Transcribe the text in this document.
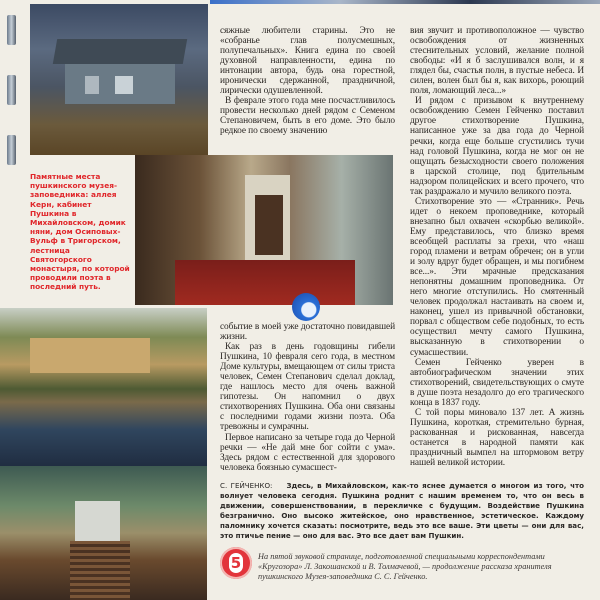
Памятные места пушкинского музея-заповедника: аллея Керн, кабинет Пушкина в Михайловском, домик няни, дом Осиповых-Вульф в Тригорском, лестница Святогорского монастыря, по которой проводили поэта в последний путь.

сяжные любители старины. Это не «собранье глав полусмешных, полупечальных». Книга едина по своей духовной направленности, едина по интонации автора, будь она горестной, иронически сдержанной, праздничной, лирически одушевленной.

В феврале этого года мне посчастливилось провести несколько дней рядом с Семеном Степановичем, быть в его доме. Это было редкое по своему значению

событие в моей уже достаточно повидавшей жизни.

Как раз в день годовщины гибели Пушкина, 10 февраля сего года, в местном Доме культуры, вмещающем от силы триста человек, Семен Степанович сделал доклад, где нашлось место для очень важной гипотезы. Он напомнил о двух стихотворениях Пушкина. Оба они связаны с последними годами жизни поэта. Оба тревожны и сумрачны.

Первое написано за четыре года до Черной речки — «Не дай мне бог сойти с ума». Здесь рядом с естественной для здорового человека боязнью сумасшест-

вия звучит и противоположное — чувство освобождения от жизненных стеснительных условий, желание полной свободы: «И я б заслушивался волн, и я глядел бы, счастья полн, в пустые небеса. И силен, волен был бы я, как вихорь, роющий поля, ломающий леса...»

И рядом с призывом к внутреннему освобождению Семен Гейченко поставил другое стихотворение Пушкина, написанное уже за два года до Черной речки, когда еще больше сгустились тучи над головой Пушкина, когда не мог он не ощущать безысходности своего положения в царской столице, под бдительным надзором полицейских и всего прочего, что так раздражало и мучило великого поэта.

Стихотворение это — «Странник». Речь идет о некоем проповеднике, который внезапно был охвачен «скорбью великой». Ему представилось, что близко время всеобщей расплаты за грехи, что «наш город пламени и ветрам обречен; он в угли и золу вдруг будет обращен, и мы погибнем все...». Эти мрачные предсказания непонятны домашним проповедника. От него многие отступились. Но смятенный человек продолжал настаивать на своем и, наконец, ушел из привычной обстановки, порвал с обществом себе подобных, то есть осуществил мечту самого Пушкина, высказанную в стихотворении о сумасшествии.

Семен Гейченко уверен в автобиографическом значении этих стихотворений, свидетельствующих о смуте в душе поэта незадолго до его трагического конца в 1837 году.

С той поры миновало 137 лет. А жизнь Пушкина, короткая, стремительно бурная, раскованная и рискованная, навсегда останется в народной памяти как праздничный вымпел на штормовом ветру нашей великой истории.

С. ГЕЙЧЕНКО: Здесь, в Михайловском, как-то яснее думается о многом из того, что волнует человека сегодня. Пушкина роднит с нашим временем то, что он весь в движении, совершенствовании, в перекличке с будущим. Воздействие Пушкина безгранично. Оно высоко житейское, оно нравственное, эстетическое. Каждому паломнику хочется сказать: посмотрите, ведь это все ваше. Эти цветы — они для вас, это птичье пение — оно для вас. Это все дает вам Пушкин.
5 На пятой звуковой странице, подготовленной специальными корреспондентами «Кругозора» Л. Закошанской и В. Толмачевой, — продолжение рассказа хранителя пушкинского Музея-заповедника С. С. Гейченко.
